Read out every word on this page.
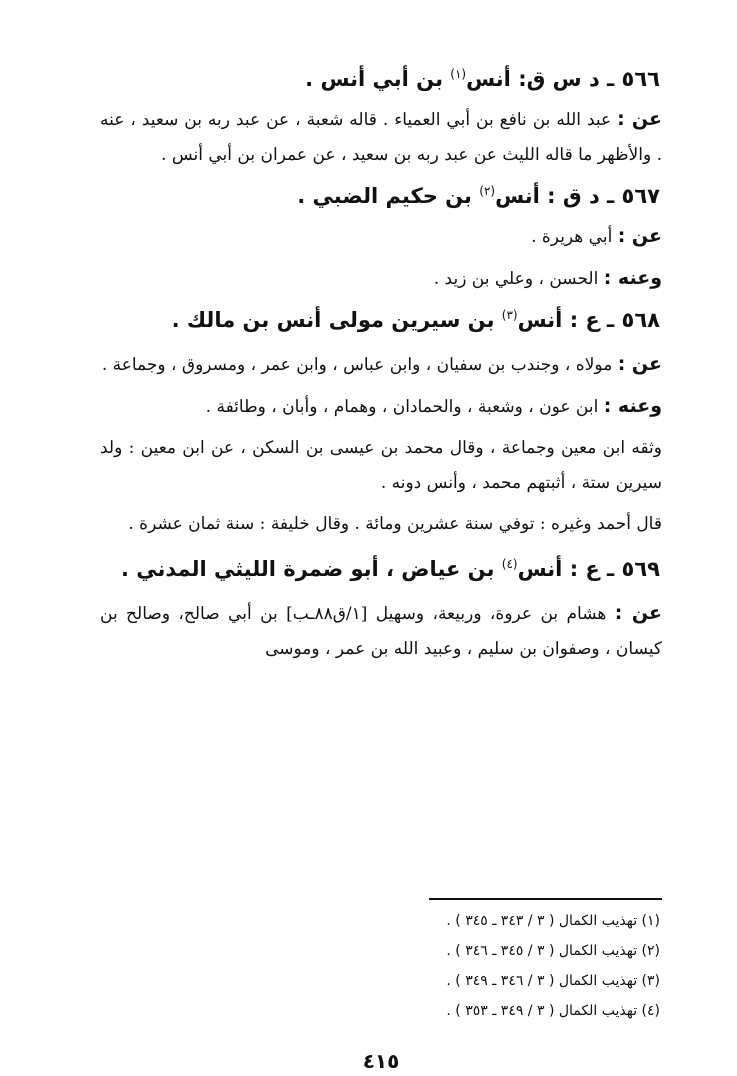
٥٦٦ ـ د س ق: أنس$^{(١)}$ بن أبي أنس .

عن : عبد الله بن نافع بن أبي العمياء . قاله شعبة ، عن عبد ربه بن سعيد ، عنه . والأظهر ما قاله الليث عن عبد ربه بن سعيد ، عن عمران بن أبي أنس .

٥٦٧ ـ د ق : أنس$^{(٢)}$ بن حكيم الضبي .

عن : أبي هريرة .

وعنه : الحسن ، وعلي بن زيد .

٥٦٨ ـ ع : أنس$^{(٣)}$ بن سيرين مولى أنس بن مالك .

عن : مولاه ، وجندب بن سفيان ، وابن عباس ، وابن عمر ، ومسروق ، وجماعة .

وعنه : ابن عون ، وشعبة ، والحمادان ، وهمام ، وأبان ، وطائفة .

وثقه ابن معين وجماعة ، وقال محمد بن عيسى بن السكن ، عن ابن معين : ولد سيرين ستة ، أثبتهم محمد ، وأنس دونه .

قال أحمد وغيره : توفي سنة عشرين ومائة . وقال خليفة : سنة ثمان عشرة .

٥٦٩ ـ ع : أنس$^{(٤)}$ بن عياض ، أبو ضمرة الليثي المدني .

عن : هشام بن عروة، وربيعة، وسهيل [١/ق٨٨ـب] بن أبي صالح، وصالح بن كيسان ، وصفوان بن سليم ، وعبيد الله بن عمر ، وموسى

(١) تهذيب الكمال ( ٣ / ٣٤٣ ـ ٣٤٥ ) .

(٢) تهذيب الكمال ( ٣ / ٣٤٥ ـ ٣٤٦ ) .

(٣) تهذيب الكمال ( ٣ / ٣٤٦ ـ ٣٤٩ ) .

(٤) تهذيب الكمال ( ٣ / ٣٤٩ ـ ٣٥٣ ) .

٤١٥
